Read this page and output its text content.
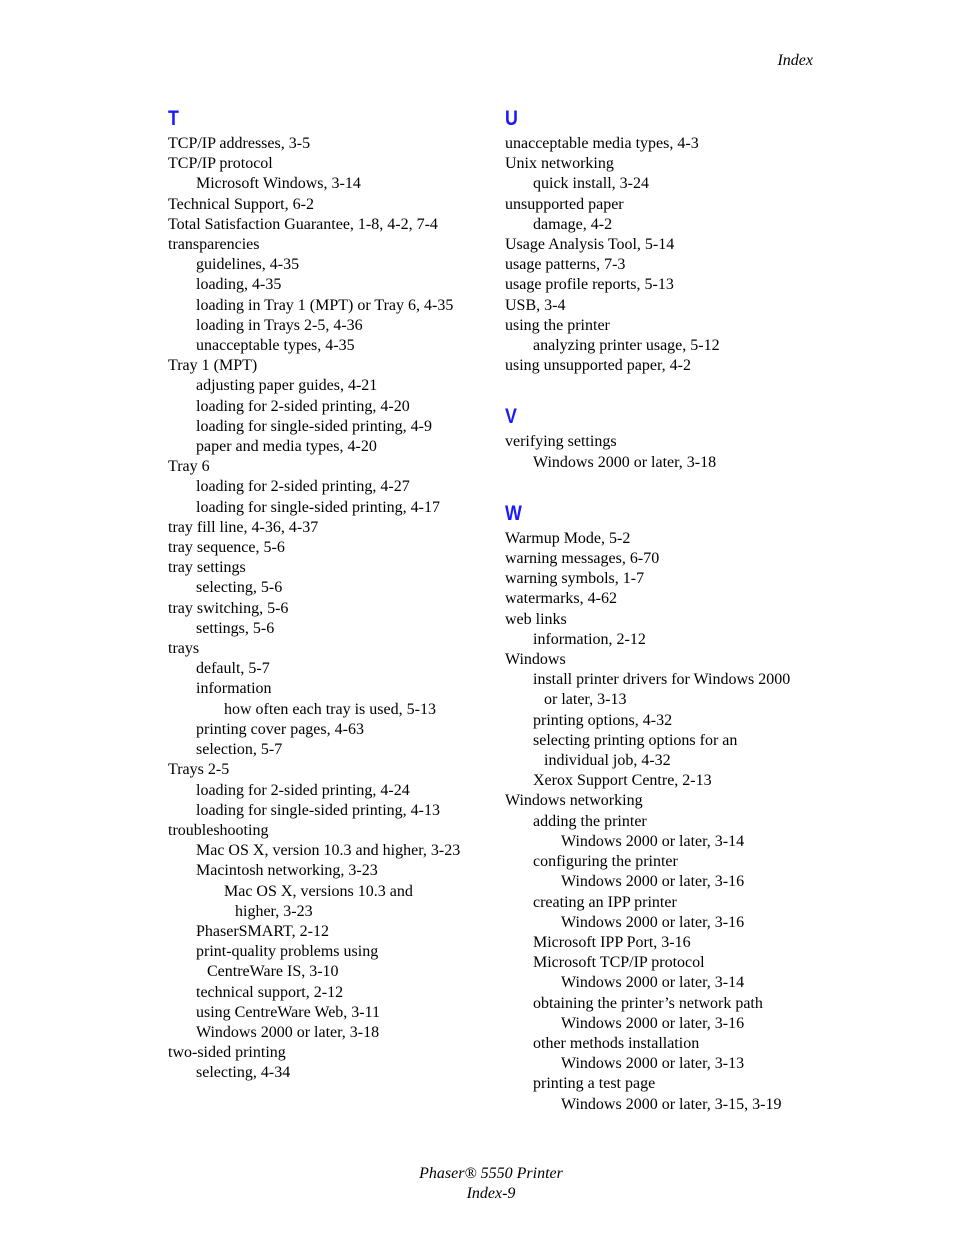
Index
T
TCP/IP addresses, 3-5
TCP/IP protocol
Microsoft Windows, 3-14
Technical Support, 6-2
Total Satisfaction Guarantee, 1-8, 4-2, 7-4
transparencies
guidelines, 4-35
loading, 4-35
loading in Tray 1 (MPT) or Tray 6, 4-35
loading in Trays 2-5, 4-36
unacceptable types, 4-35
Tray 1 (MPT)
adjusting paper guides, 4-21
loading for 2-sided printing, 4-20
loading for single-sided printing, 4-9
paper and media types, 4-20
Tray 6
loading for 2-sided printing, 4-27
loading for single-sided printing, 4-17
tray fill line, 4-36, 4-37
tray sequence, 5-6
tray settings
selecting, 5-6
tray switching, 5-6
settings, 5-6
trays
default, 5-7
information
how often each tray is used, 5-13
printing cover pages, 4-63
selection, 5-7
Trays 2-5
loading for 2-sided printing, 4-24
loading for single-sided printing, 4-13
troubleshooting
Mac OS X, version 10.3 and higher, 3-23
Macintosh networking, 3-23
Mac OS X, versions 10.3 and
higher, 3-23
PhaserSMART, 2-12
print-quality problems using
CentreWare IS, 3-10
technical support, 2-12
using CentreWare Web, 3-11
Windows 2000 or later, 3-18
two-sided printing
selecting, 4-34
U
unacceptable media types, 4-3
Unix networking
quick install, 3-24
unsupported paper
damage, 4-2
Usage Analysis Tool, 5-14
usage patterns, 7-3
usage profile reports, 5-13
USB, 3-4
using the printer
analyzing printer usage, 5-12
using unsupported paper, 4-2
V
verifying settings
Windows 2000 or later, 3-18
W
Warmup Mode, 5-2
warning messages, 6-70
warning symbols, 1-7
watermarks, 4-62
web links
information, 2-12
Windows
install printer drivers for Windows 2000
or later, 3-13
printing options, 4-32
selecting printing options for an
individual job, 4-32
Xerox Support Centre, 2-13
Windows networking
adding the printer
Windows 2000 or later, 3-14
configuring the printer
Windows 2000 or later, 3-16
creating an IPP printer
Windows 2000 or later, 3-16
Microsoft IPP Port, 3-16
Microsoft TCP/IP protocol
Windows 2000 or later, 3-14
obtaining the printer’s network path
Windows 2000 or later, 3-16
other methods installation
Windows 2000 or later, 3-13
printing a test page
Windows 2000 or later, 3-15, 3-19
Phaser® 5550 Printer
Index-9
